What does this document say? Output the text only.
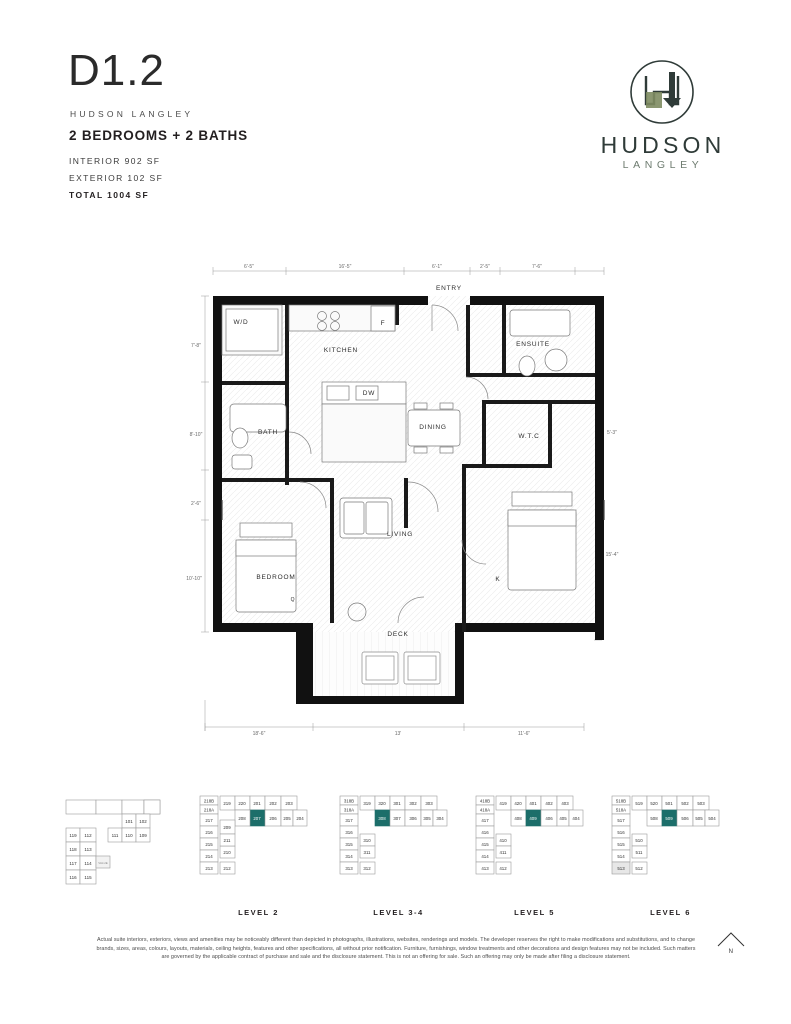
D1.2
HUDSON LANGLEY
2 BEDROOMS + 2 BATHS
INTERIOR 902 SF
EXTERIOR 102 SF
TOTAL 1004 SF
HUDSON
LANGLEY
ENTRY
W/D	F
KITCHEN
ENSUITE
DW
BATH
DINING
W.T.C
LIVING
BEDROOM	K
Q
DECK
6'-5"	16'-5"	6'-1"	2'-5"	7'-6"
7'-8"
8'-10"
2'-6"
10'-10"
5'-3"
15'-4"
18'-6"	13'	11'-6"
101 102
111 110 109
119 112
118 113
117 114 VALUE
116 115
218B
218A
219 220 201 202 203
217	207
208	206 205 204
216
209
215
214
210
211
213 212
LEVEL 2
318B
318A
319 320 301 302 303
317	308 307 306 305 304
316
315
310
311
314
313 312
LEVEL 3-4
418B
418A
419 420 401 402 403
417	408 409 406 405 404
416
415
410
411
414
413 412
LEVEL 5
518B
518A
519 520 501 502 503
517	508 509 506 505 504
516
515
510
511
514
513 512
LEVEL 6
Actual suite interiors, exteriors, views and amenities may be noticeably different than depicted in photographs, illustrations, websites, renderings and models. The developer reserves the right to make modifications and substitutions, and to change brands, sizes, areas, colours, layouts, materials, ceiling heights, features and other specifications, all without prior notification. Furniture, furnishings, window treatments and other decorations and design features may not be included. Such matters are governed by the applicable contract of purchase and sale and the disclosure statement. This is not an offering for sale. Such an offering may only be made after filing a disclosure statement.
N
